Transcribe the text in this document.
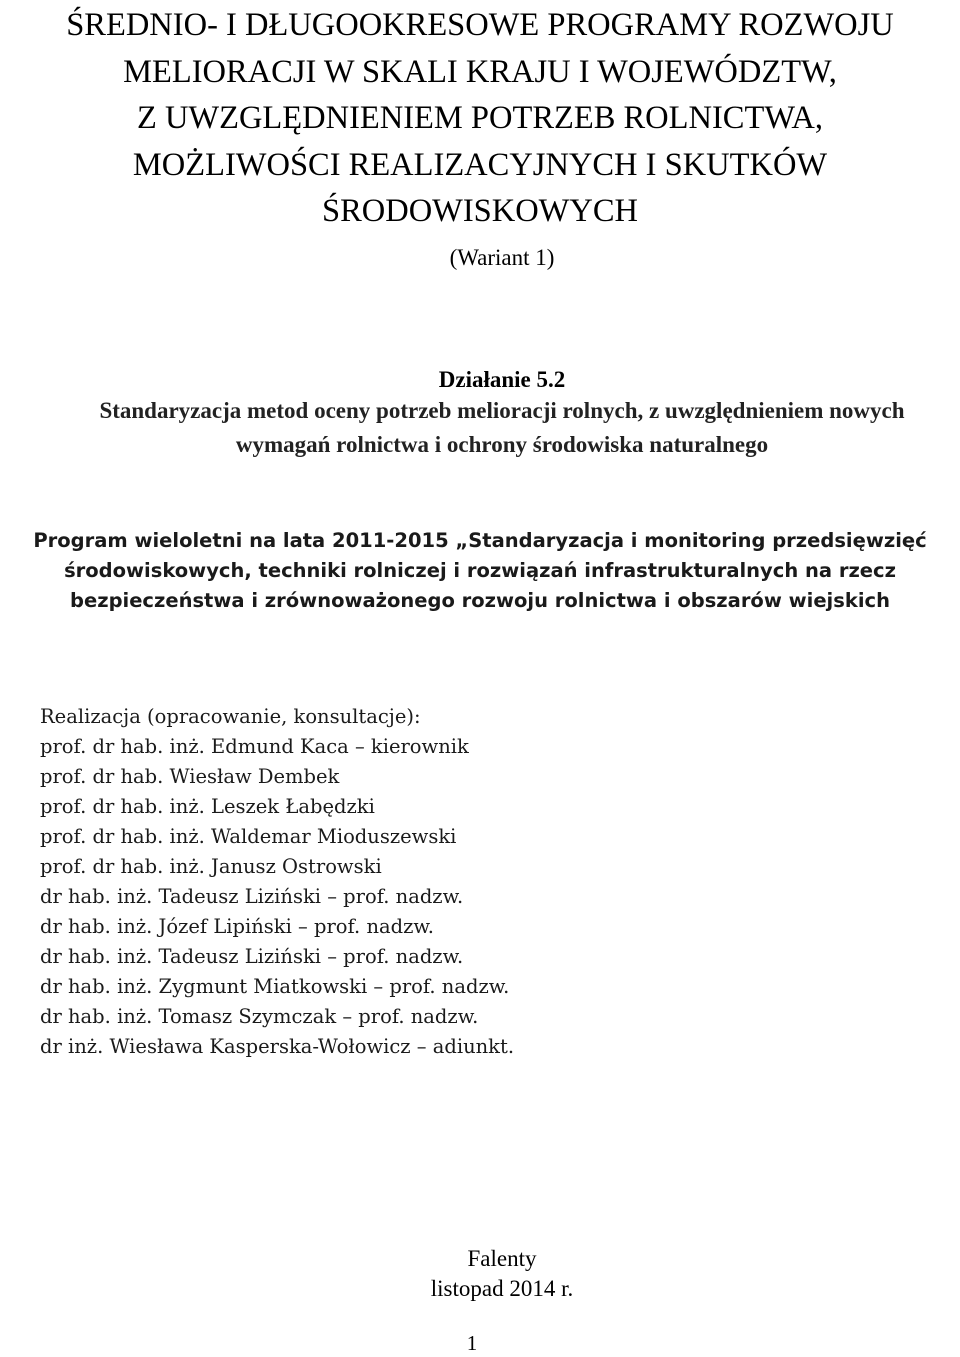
ŚREDNIO- I DŁUGOOKRESOWE PROGRAMY ROZWOJU
MELIORACJI W SKALI KRAJU I WOJEWÓDZTW,
Z UWZGLĘDNIENIEM POTRZEB ROLNICTWA,
MOŻLIWOŚCI REALIZACYJNYCH I SKUTKÓW
ŚRODOWISKOWYCH
(Wariant 1)
Działanie 5.2
Standaryzacja metod oceny potrzeb melioracji rolnych, z uwzględnieniem nowych
wymagań rolnictwa i ochrony środowiska naturalnego
Program wieloletni na lata 2011-2015 „Standaryzacja i monitoring przedsięwzięć
środowiskowych, techniki rolniczej i rozwiązań infrastrukturalnych na rzecz
bezpieczeństwa i zrównoważonego rozwoju rolnictwa i obszarów wiejskich
Realizacja (opracowanie, konsultacje):
prof. dr hab. inż. Edmund Kaca – kierownik
prof. dr hab. Wiesław Dembek
prof. dr hab. inż. Leszek Łabędzki
prof. dr hab. inż. Waldemar Mioduszewski
prof. dr hab. inż. Janusz Ostrowski
dr hab. inż. Tadeusz Liziński – prof. nadzw.
dr hab. inż. Józef Lipiński – prof. nadzw.
dr hab. inż. Tadeusz Liziński – prof. nadzw.
dr hab. inż. Zygmunt Miatkowski – prof. nadzw.
dr hab. inż. Tomasz Szymczak – prof. nadzw.
dr inż. Wiesława Kasperska-Wołowicz – adiunkt.
Falenty
listopad 2014 r.
1
